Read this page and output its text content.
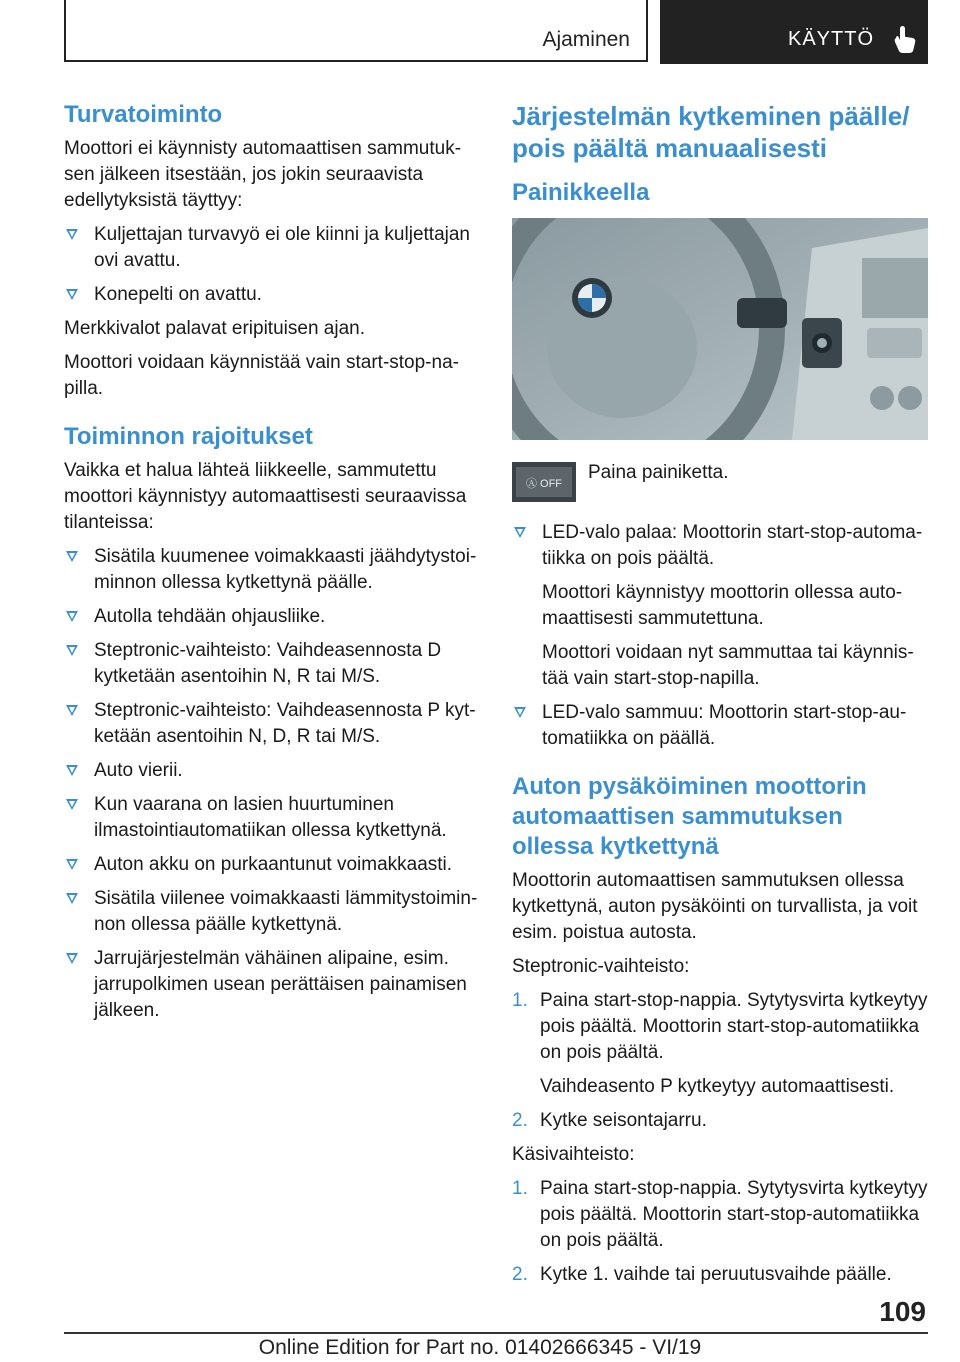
Ajaminen	KÄYTTÖ
Turvatoiminto

Moottori ei käynnisty automaattisen sammutuksen jälkeen itsestään, jos jokin seuraavista edellytyksistä täyttyy:

Kuljettajan turvavyö ei ole kiinni ja kuljettajan ovi avattu.
Konepelti on avattu.

Merkkivalot palavat eripituisen ajan.

Moottori voidaan käynnistää vain start-stop-napilla.

Toiminnon rajoitukset

Vaikka et halua lähteä liikkeelle, sammutettu moottori käynnistyy automaattisesti seuraavissa tilanteissa:

Sisätila kuumenee voimakkaasti jäähdytystoiminnon ollessa kytkettynä päälle.
Autolla tehdään ohjausliike.
Steptronic-vaihteisto: Vaihdeasennosta D kytketään asentoihin N, R tai M/S.
Steptronic-vaihteisto: Vaihdeasennosta P kytketään asentoihin N, D, R tai M/S.
Auto vierii.
Kun vaarana on lasien huurtuminen ilmastointiautomatiikan ollessa kytkettynä.
Auton akku on purkaantunut voimakkaasti.
Sisätila viilenee voimakkaasti lämmitystoiminnon ollessa päälle kytkettynä.
Jarrujärjestelmän vähäinen alipaine, esim. jarrupolkimen usean perättäisen painamisen jälkeen.
Järjestelmän kytkeminen päälle/ pois päältä manuaalisesti
Painikkeella
Ⓐ OFF
Paina painiketta.
LED-valo palaa: Moottorin start-stop-automatiikka on pois päältä.
Moottori käynnistyy moottorin ollessa automaattisesti sammutettuna.
Moottori voidaan nyt sammuttaa tai käynnistää vain start-stop-napilla.
LED-valo sammuu: Moottorin start-stop-automatiikka on päällä.
Auton pysäköiminen moottorin automaattisen sammutuksen ollessa kytkettynä

Moottorin automaattisen sammutuksen ollessa kytkettynä, auton pysäköinti on turvallista, ja voit esim. poistua autosta.

Steptronic-vaihteisto:

1. Paina start-stop-nappia. Sytytysvirta kytkeytyy pois päältä. Moottorin start-stop-automatiikka on pois päältä.
Vaihdeasento P kytkeytyy automaattisesti.
2. Kytke seisontajarru.

Käsivaihteisto:

1. Paina start-stop-nappia. Sytytysvirta kytkeytyy pois päältä. Moottorin start-stop-automatiikka on pois päältä.
2. Kytke 1. vaihde tai peruutusvaihde päälle.
109
Online Edition for Part no. 01402666345 - VI/19
